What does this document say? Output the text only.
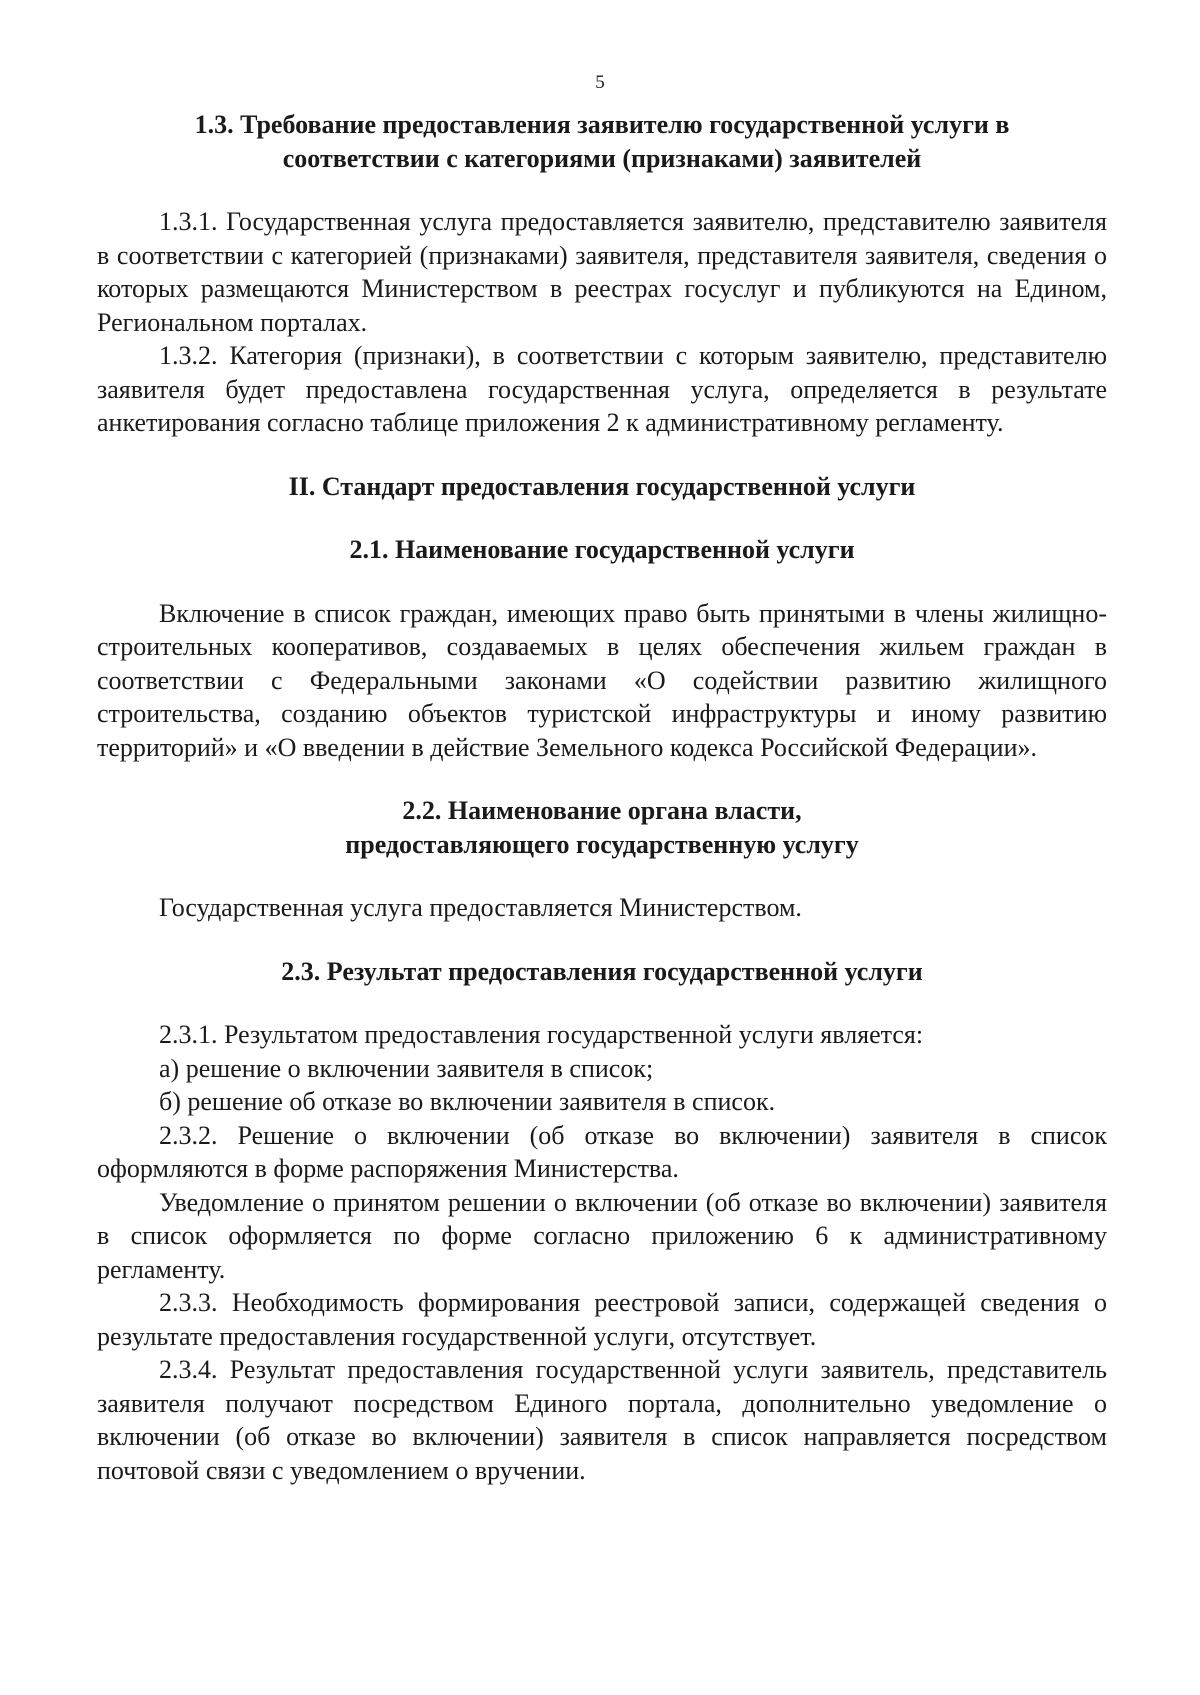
5
1.3. Требование предоставления заявителю государственной услуги в
соответствии с категориями (признаками) заявителей

1.3.1. Государственная услуга предоставляется заявителю, представителю заявителя в соответствии с категорией (признаками) заявителя, представителя заявителя, сведения о которых размещаются Министерством в реестрах госуслуг и публикуются на Едином, Региональном порталах.

1.3.2. Категория (признаки), в соответствии с которым заявителю, представителю заявителя будет предоставлена государственная услуга, определяется в результате анкетирования согласно таблице приложения 2 к административному регламенту.

II. Стандарт предоставления государственной услуги
2.1. Наименование государственной услуги

Включение в список граждан, имеющих право быть принятыми в члены жилищно-строительных кооперативов, создаваемых в целях обеспечения жильем граждан в соответствии с Федеральными законами «О содействии развитию жилищного строительства, созданию объектов туристской инфраструктуры и иному развитию территорий» и «О введении в действие Земельного кодекса Российской Федерации».

2.2. Наименование органа власти,
предоставляющего государственную услугу

Государственная услуга предоставляется Министерством.

2.3. Результат предоставления государственной услуги

2.3.1. Результатом предоставления государственной услуги является:

а) решение о включении заявителя в список;

б) решение об отказе во включении заявителя в список.

2.3.2. Решение о включении (об отказе во включении) заявителя в список оформляются в форме распоряжения Министерства.

Уведомление о принятом решении о включении (об отказе во включении) заявителя в список оформляется по форме согласно приложению 6 к административному регламенту.

2.3.3. Необходимость формирования реестровой записи, содержащей сведения о результате предоставления государственной услуги, отсутствует.

2.3.4. Результат предоставления государственной услуги заявитель, представитель заявителя получают посредством Единого портала, дополнительно уведомление о включении (об отказе во включении) заявителя в список направляется посредством почтовой связи с уведомлением о вручении.
